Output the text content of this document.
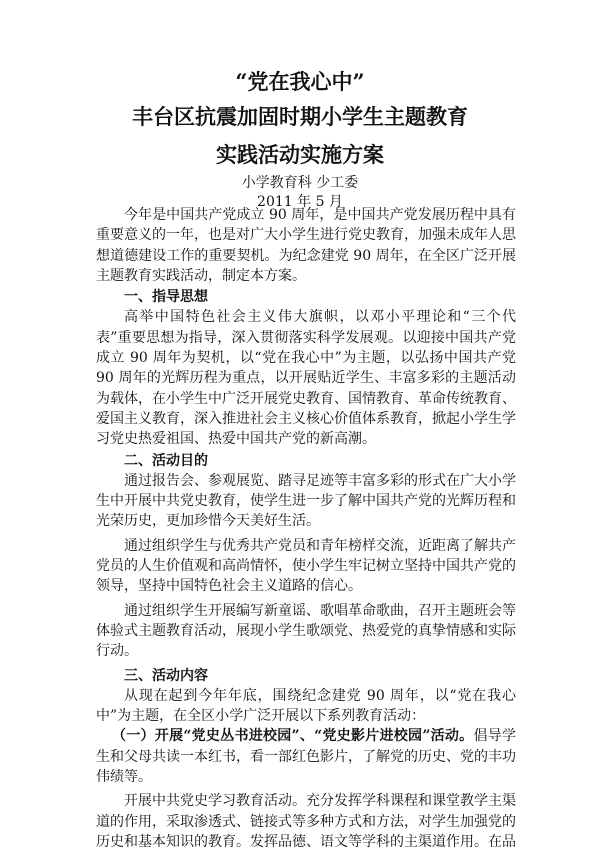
“党在我心中”
丰台区抗震加固时期小学生主题教育
实践活动实施方案
小学教育科 少工委
2011 年 5 月

今年是中国共产党成立 90 周年，是中国共产党发展历程中具有重要意义的一年，也是对广大小学生进行党史教育，加强未成年人思想道德建设工作的重要契机。为纪念建党 90 周年，在全区广泛开展主题教育实践活动，制定本方案。

一、指导思想

高举中国特色社会主义伟大旗帜，以邓小平理论和“三个代表”重要思想为指导，深入贯彻落实科学发展观。以迎接中国共产党成立 90 周年为契机，以“党在我心中”为主题，以弘扬中国共产党 90 周年的光辉历程为重点，以开展贴近学生、丰富多彩的主题活动为载体，在小学生中广泛开展党史教育、国情教育、革命传统教育、爱国主义教育，深入推进社会主义核心价值体系教育，掀起小学生学习党史热爱祖国、热爱中国共产党的新高潮。

二、活动目的

通过报告会、参观展览、踏寻足迹等丰富多彩的形式在广大小学生中开展中共党史教育，使学生进一步了解中国共产党的光辉历程和光荣历史，更加珍惜今天美好生活。

通过组织学生与优秀共产党员和青年榜样交流，近距离了解共产党员的人生价值观和高尚情怀，使小学生牢记树立坚持中国共产党的领导，坚持中国特色社会主义道路的信心。

通过组织学生开展编写新童谣、歌唱革命歌曲，召开主题班会等体验式主题教育活动，展现小学生歌颂党、热爱党的真挚情感和实际行动。

三、活动内容

从现在起到今年年底，围绕纪念建党 90 周年，以“党在我心中”为主题，在全区小学广泛开展以下系列教育活动：

（一）开展“党史丛书进校园”、“党史影片进校园”活动。倡导学生和父母共读一本红书，看一部红色影片，了解党的历史、党的丰功伟绩等。

开展中共党史学习教育活动。充分发挥学科课程和课堂教学主渠道的作用，采取渗透式、链接式等多种方式和方法，对学生加强党的历史和基本知识的教育。发挥品德、语文等学科的主渠道作用。在品
